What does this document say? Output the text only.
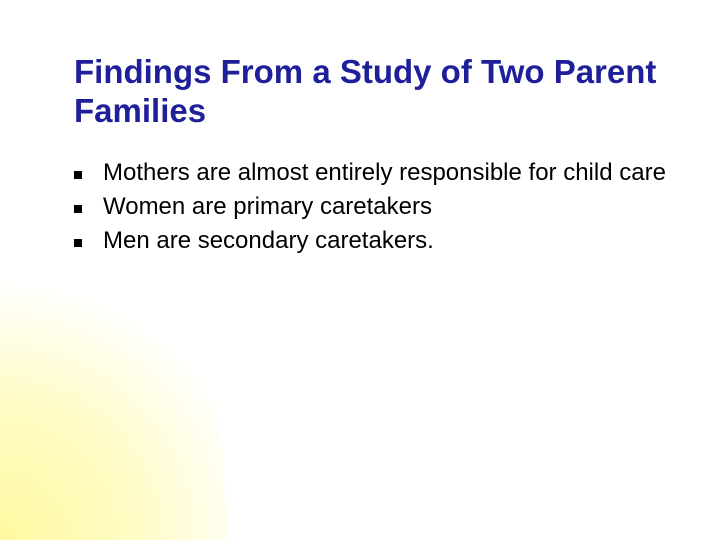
Findings From a Study of Two Parent Families
Mothers are almost entirely responsible for child care
Women are primary caretakers
Men are secondary caretakers.
